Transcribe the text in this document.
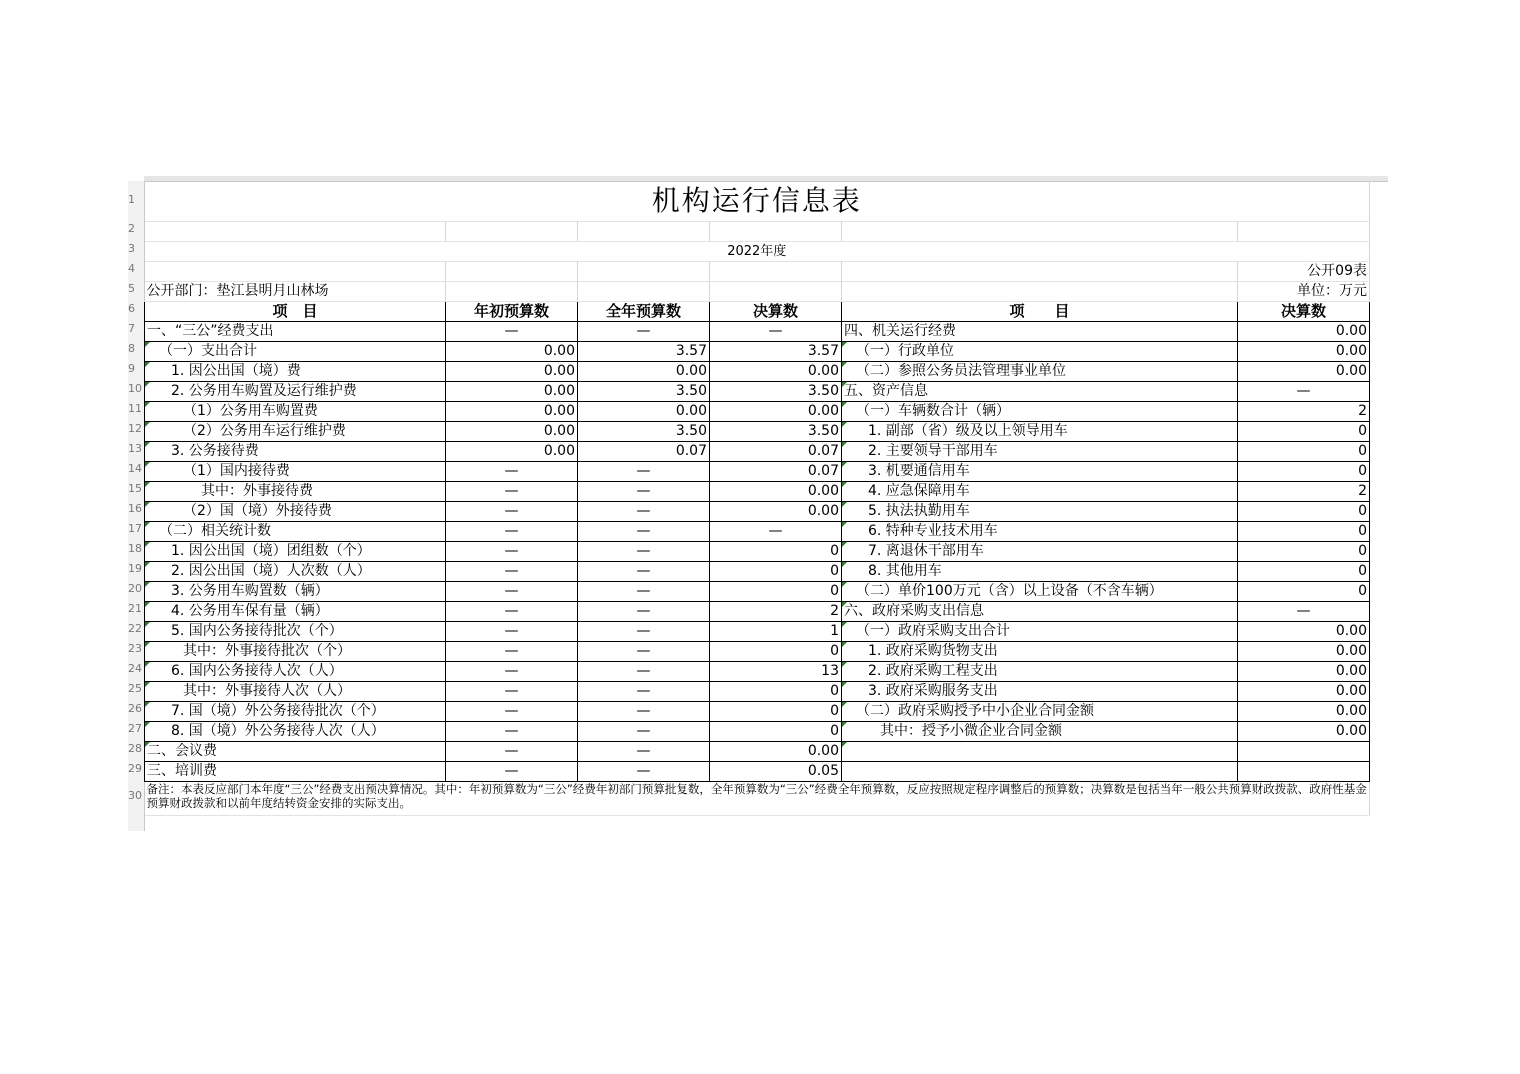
1
2
3
4
5
6
7
8
9
10
11
12
13
14
15
16
17
18
19
20
21
22
23
24
25
26
27
28
29
30
机构运行信息表					

2022年度					
					公开09表
公开部门：垫江县明月山林场					单位：万元
项　目	年初预算数	全年预算数	决算数	项　　目	决算数
一、“三公”经费支出	—	—	—	四、机关运行经费	0.00
（一）支出合计	0.00	3.57	3.57	（一）行政单位	0.00
1. 因公出国（境）费	0.00	0.00	0.00	（二）参照公务员法管理事业单位	0.00
2. 公务用车购置及运行维护费	0.00	3.50	3.50	五、资产信息	—
（1）公务用车购置费	0.00	0.00	0.00	（一）车辆数合计（辆）	2
（2）公务用车运行维护费	0.00	3.50	3.50	1. 副部（省）级及以上领导用车	0
3. 公务接待费	0.00	0.07	0.07	2. 主要领导干部用车	0
（1）国内接待费	—	—	0.07	3. 机要通信用车	0
其中：外事接待费	—	—	0.00	4. 应急保障用车	2
（2）国（境）外接待费	—	—	0.00	5. 执法执勤用车	0
（二）相关统计数	—	—	—	6. 特种专业技术用车	0
1. 因公出国（境）团组数（个）	—	—	0	7. 离退休干部用车	0
2. 因公出国（境）人次数（人）	—	—	0	8. 其他用车	0
3. 公务用车购置数（辆）	—	—	0	（二）单价100万元（含）以上设备（不含车辆）	0
4. 公务用车保有量（辆）	—	—	2	六、政府采购支出信息	—
5. 国内公务接待批次（个）	—	—	1	（一）政府采购支出合计	0.00
其中：外事接待批次（个）	—	—	0	1. 政府采购货物支出	0.00
6. 国内公务接待人次（人）	—	—	13	2. 政府采购工程支出	0.00
其中：外事接待人次（人）	—	—	0	3. 政府采购服务支出	0.00
7. 国（境）外公务接待批次（个）	—	—	0	（二）政府采购授予中小企业合同金额	0.00
8. 国（境）外公务接待人次（人）	—	—	0	其中：授予小微企业合同金额	0.00
二、会议费	—	—	0.00		
三、培训费	—	—	0.05		
备注：本表反应部门本年度“三公”经费支出预决算情况。其中：年初预算数为“三公”经费年初部门预算批复数，全年预算数为“三公”经费全年预算数，反应按照规定程序调整后的预算数；决算数是包括当年一般公共预算财政拨款、政府性基金预算财政拨款和以前年度结转资金安排的实际支出。					
